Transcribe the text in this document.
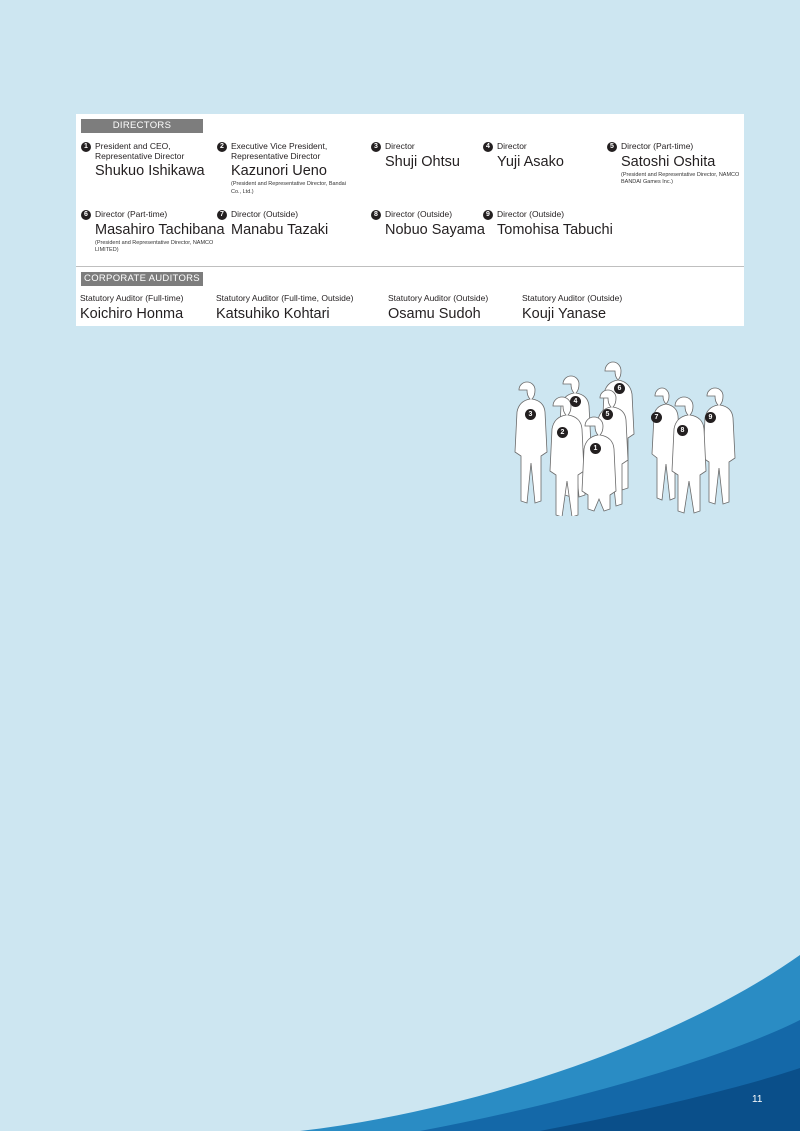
DIRECTORS
1 President and CEO, Representative Director
Shukuo Ishikawa
2 Executive Vice President, Representative Director
Kazunori Ueno
(President and Representative Director, Bandai Co., Ltd.)
3 Director
Shuji Ohtsu
4 Director
Yuji Asako
5 Director (Part-time)
Satoshi Oshita
(President and Representative Director, NAMCO BANDAI Games Inc.)
6 Director (Part-time)
Masahiro Tachibana
(President and Representative Director, NAMCO LIMITED)
7 Director (Outside)
Manabu Tazaki
8 Director (Outside)
Nobuo Sayama
9 Director (Outside)
Tomohisa Tabuchi
CORPORATE AUDITORS
Statutory Auditor (Full-time)
Koichiro Honma
Statutory Auditor (Full-time, Outside)
Katsuhiko Kohtari
Statutory Auditor (Outside)
Osamu Sudoh
Statutory Auditor (Outside)
Kouji Yanase
1
2
3
4
5
6
7
8
9
11
